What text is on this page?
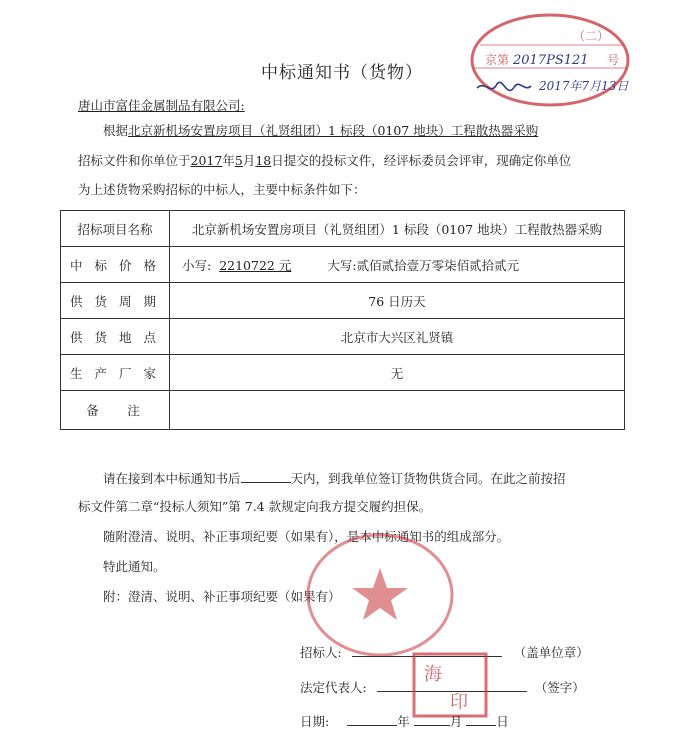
（二）
京第 2017PS121 号
2017年7月13日
中标通知书（货物）
唐山市富佳金属制品有限公司:
根据北京新机场安置房项目（礼贤组团）1 标段（0107 地块）工程散热器采购
招标文件和你单位于2017年5月18日提交的投标文件，经评标委员会评审，现确定你单位
为上述货物采购招标的中标人，主要中标条件如下：
招标项目名称	北京新机场安置房项目（礼贤组团）1 标段（0107 地块）工程散热器采购
中 标 价 格	小写: 2210722 元 大写:贰佰贰拾壹万零柒佰贰拾贰元
供 货 周 期	76 日历天
供 货 地 点	北京市大兴区礼贤镇
生 产 厂 家	无
备　 注	
请在接到本中标通知书后	天内，到我单位签订货物供货合同。在此之前按招
标文件第二章“投标人须知”第 7.4 款规定向我方提交履约担保。
随附澄清、说明、补正事项纪要（如果有），是本中标通知书的组成部分。
特此通知。
附：澄清、说明、补正事项纪要（如果有）
招标人:	（盖单位章）
法定代表人:	（签字）
海
印
日期:	年	月	日
